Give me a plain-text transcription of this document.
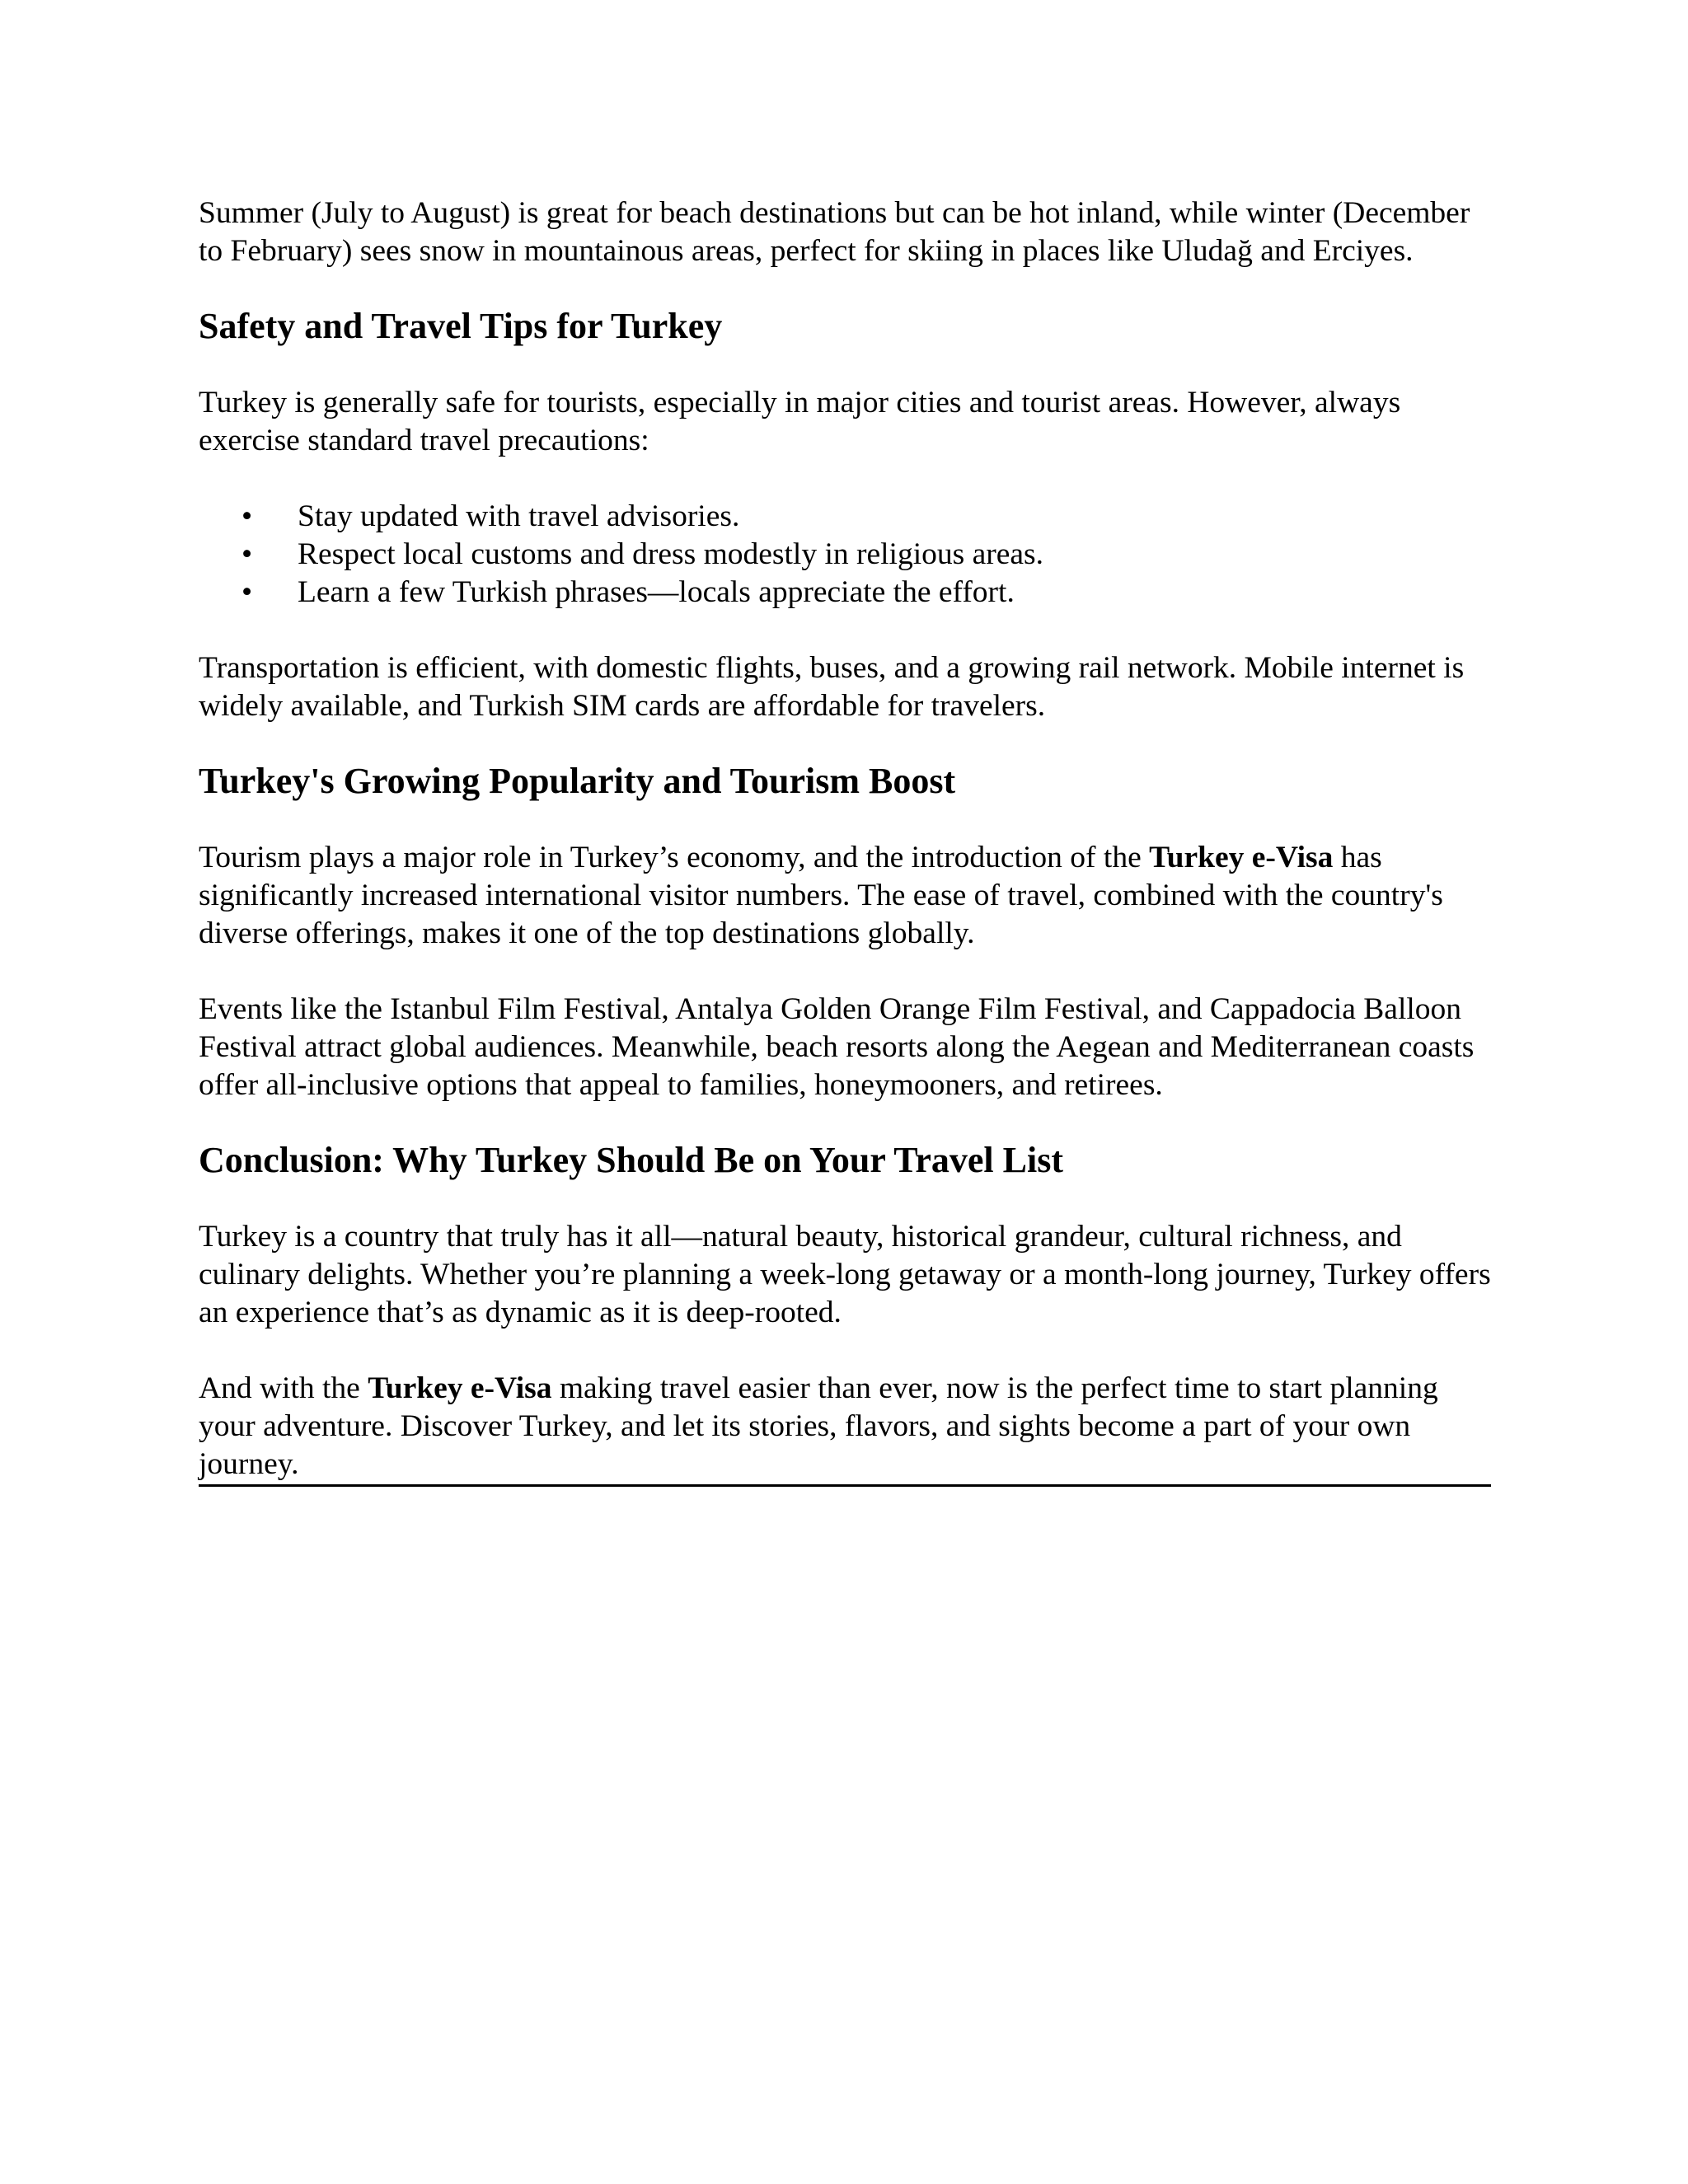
Summer (July to August) is great for beach destinations but can be hot inland, while winter (December to February) sees snow in mountainous areas, perfect for skiing in places like Uludağ and Erciyes.

Safety and Travel Tips for Turkey

Turkey is generally safe for tourists, especially in major cities and tourist areas. However, always exercise standard travel precautions:

• Stay updated with travel advisories.
• Respect local customs and dress modestly in religious areas.
• Learn a few Turkish phrases—locals appreciate the effort.

Transportation is efficient, with domestic flights, buses, and a growing rail network. Mobile internet is widely available, and Turkish SIM cards are affordable for travelers.

Turkey's Growing Popularity and Tourism Boost

Tourism plays a major role in Turkey’s economy, and the introduction of the Turkey e-Visa has significantly increased international visitor numbers. The ease of travel, combined with the country's diverse offerings, makes it one of the top destinations globally.

Events like the Istanbul Film Festival, Antalya Golden Orange Film Festival, and Cappadocia Balloon Festival attract global audiences. Meanwhile, beach resorts along the Aegean and Mediterranean coasts offer all-inclusive options that appeal to families, honeymooners, and retirees.

Conclusion: Why Turkey Should Be on Your Travel List

Turkey is a country that truly has it all—natural beauty, historical grandeur, cultural richness, and culinary delights. Whether you’re planning a week-long getaway or a month-long journey, Turkey offers an experience that’s as dynamic as it is deep-rooted.

And with the Turkey e-Visa making travel easier than ever, now is the perfect time to start planning your adventure. Discover Turkey, and let its stories, flavors, and sights become a part of your own journey.
